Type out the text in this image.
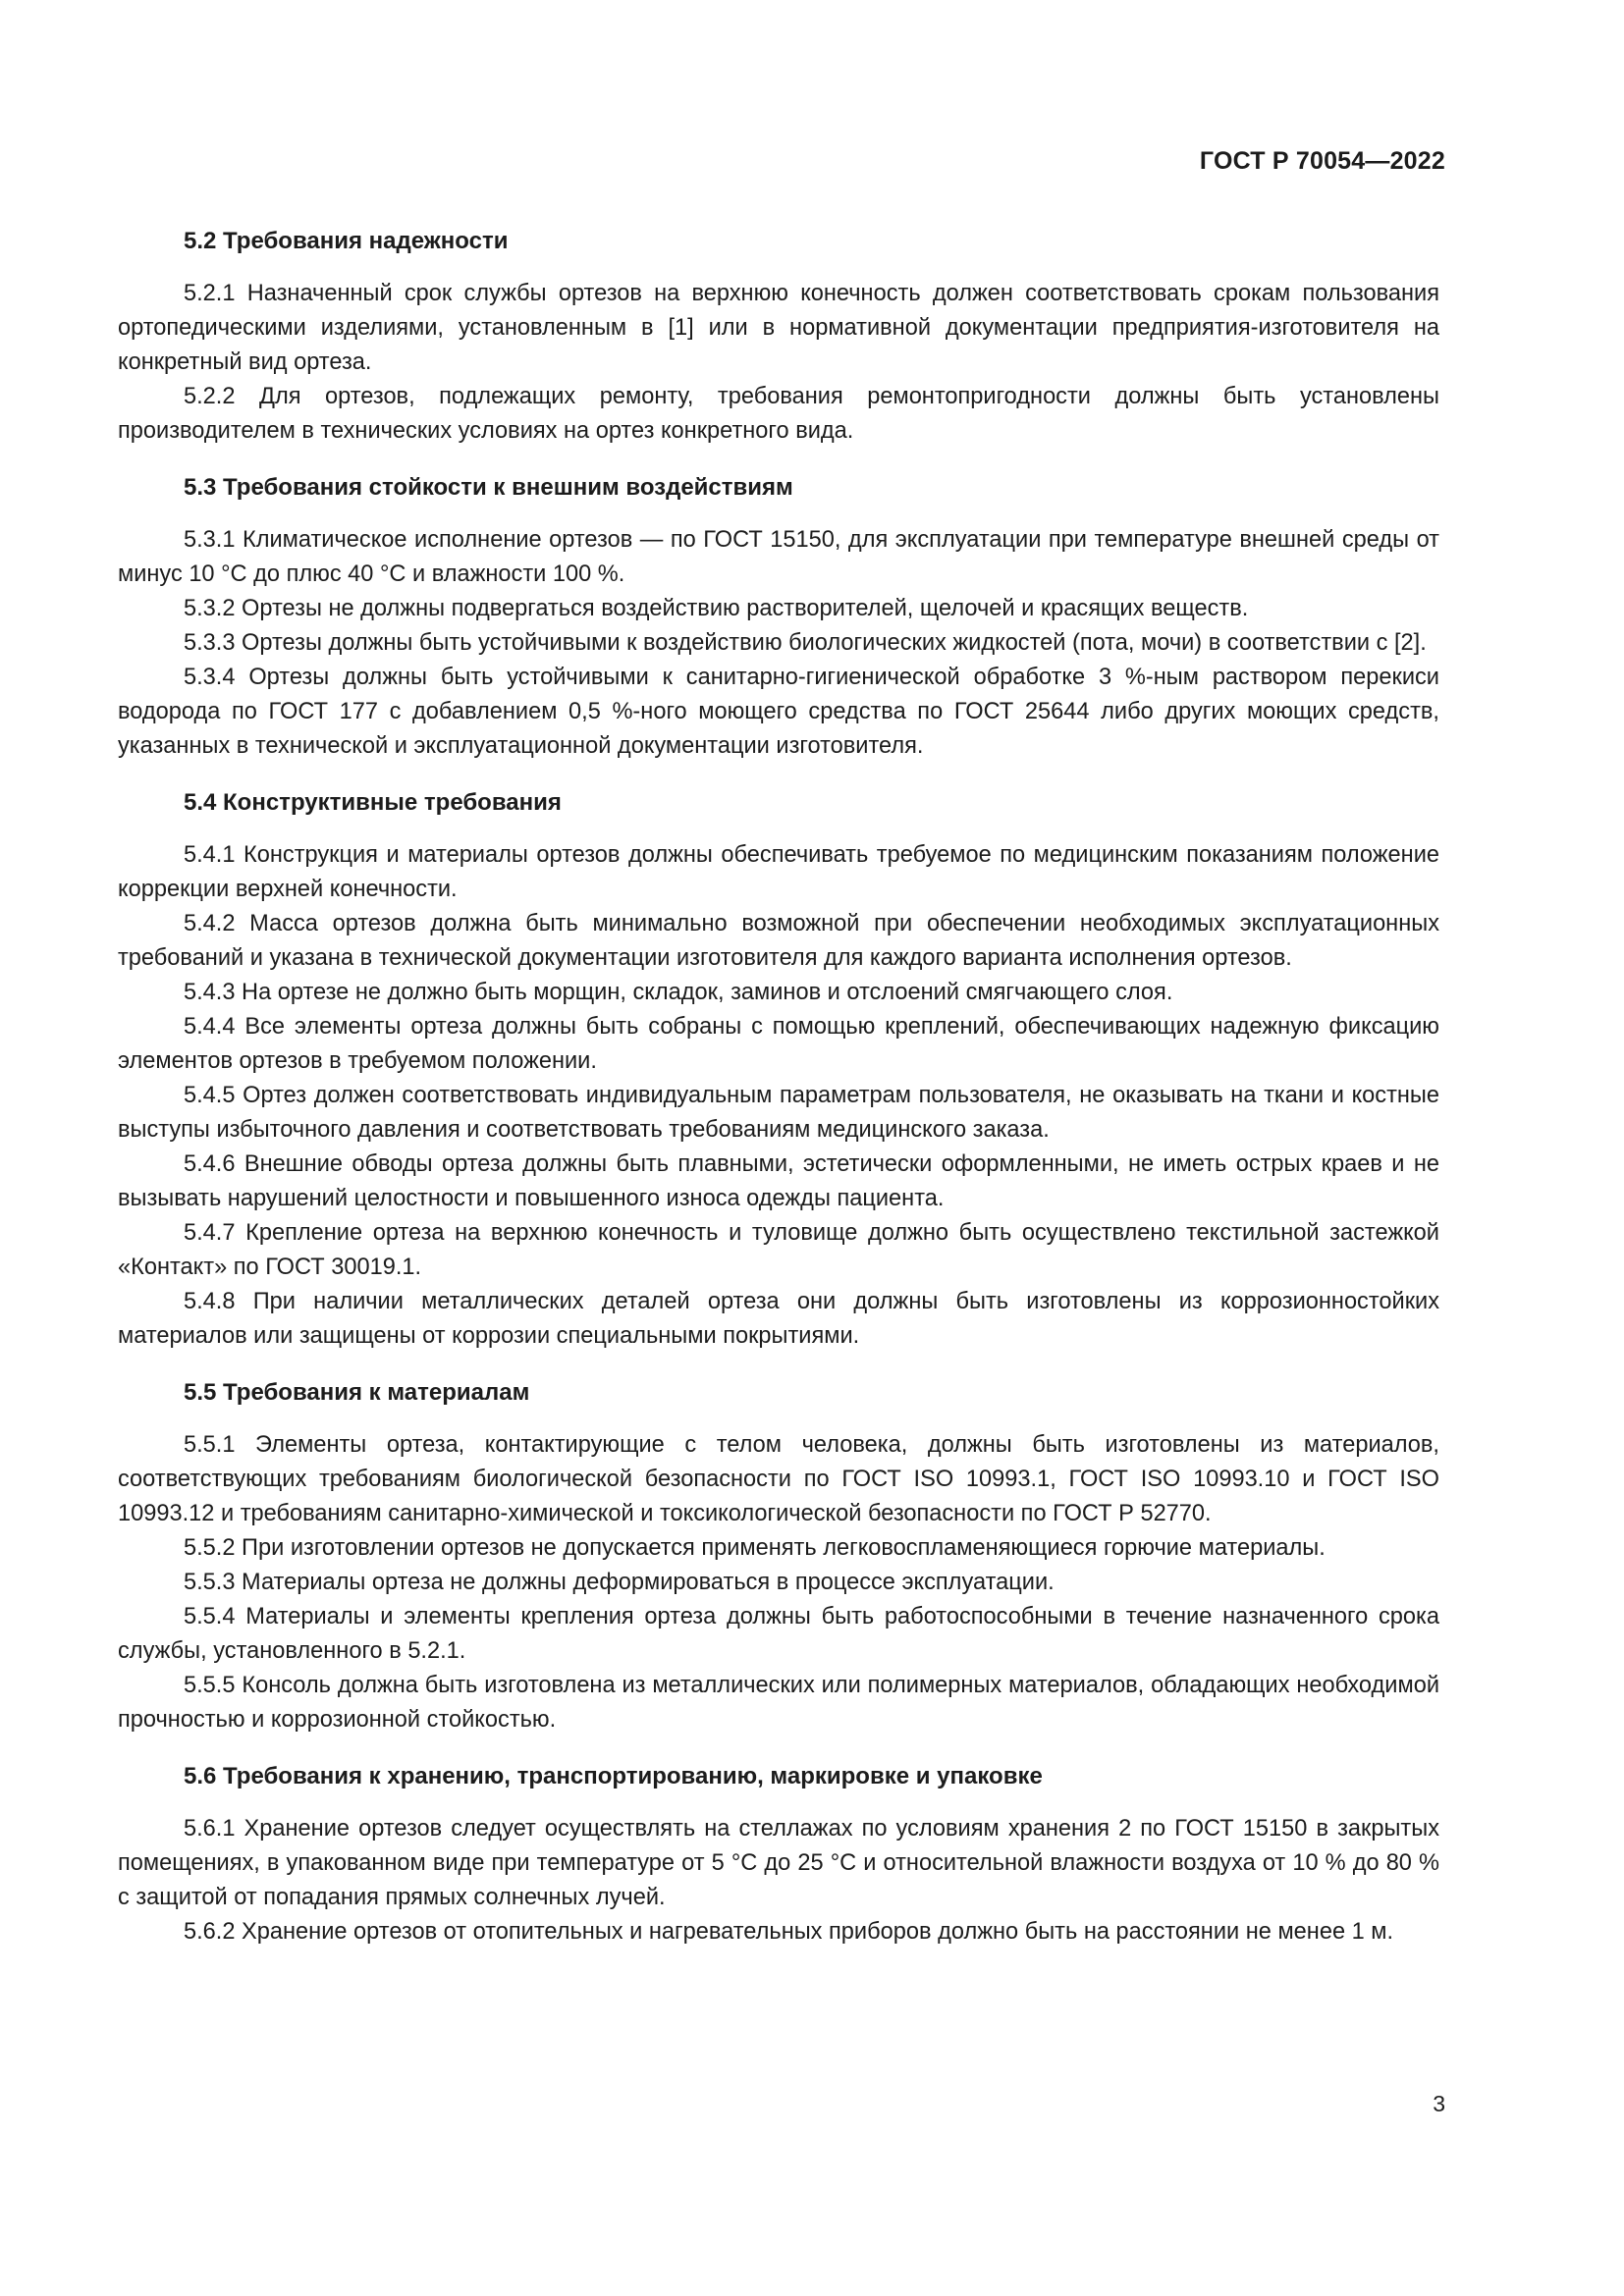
ГОСТ Р 70054—2022
5.2 Требования надежности

5.2.1 Назначенный срок службы ортезов на верхнюю конечность должен соответствовать срокам пользования ортопедическими изделиями, установленным в [1] или в нормативной документации предприятия-изготовителя на конкретный вид ортеза.

5.2.2 Для ортезов, подлежащих ремонту, требования ремонтопригодности должны быть установлены производителем в технических условиях на ортез конкретного вида.

5.3 Требования стойкости к внешним воздействиям

5.3.1 Климатическое исполнение ортезов — по ГОСТ 15150, для эксплуатации при температуре внешней среды от минус 10 °С до плюс 40 °С и влажности 100 %.

5.3.2 Ортезы не должны подвергаться воздействию растворителей, щелочей и красящих веществ.

5.3.3 Ортезы должны быть устойчивыми к воздействию биологических жидкостей (пота, мочи) в соответствии с [2].

5.3.4 Ортезы должны быть устойчивыми к санитарно-гигиенической обработке 3 %-ным раствором перекиси водорода по ГОСТ 177 с добавлением 0,5 %-ного моющего средства по ГОСТ 25644 либо других моющих средств, указанных в технической и эксплуатационной документации изготовителя.

5.4 Конструктивные требования

5.4.1 Конструкция и материалы ортезов должны обеспечивать требуемое по медицинским показаниям положение коррекции верхней конечности.

5.4.2 Масса ортезов должна быть минимально возможной при обеспечении необходимых эксплуатационных требований и указана в технической документации изготовителя для каждого варианта исполнения ортезов.

5.4.3 На ортезе не должно быть морщин, складок, заминов и отслоений смягчающего слоя.

5.4.4 Все элементы ортеза должны быть собраны с помощью креплений, обеспечивающих надежную фиксацию элементов ортезов в требуемом положении.

5.4.5 Ортез должен соответствовать индивидуальным параметрам пользователя, не оказывать на ткани и костные выступы избыточного давления и соответствовать требованиям медицинского заказа.

5.4.6 Внешние обводы ортеза должны быть плавными, эстетически оформленными, не иметь острых краев и не вызывать нарушений целостности и повышенного износа одежды пациента.

5.4.7 Крепление ортеза на верхнюю конечность и туловище должно быть осуществлено текстильной застежкой «Контакт» по ГОСТ 30019.1.

5.4.8 При наличии металлических деталей ортеза они должны быть изготовлены из коррозионностойких материалов или защищены от коррозии специальными покрытиями.

5.5 Требования к материалам

5.5.1 Элементы ортеза, контактирующие с телом человека, должны быть изготовлены из материалов, соответствующих требованиям биологической безопасности по ГОСТ ISO 10993.1, ГОСТ ISO 10993.10 и ГОСТ ISO 10993.12 и требованиям санитарно-химической и токсикологической безопасности по ГОСТ Р 52770.

5.5.2 При изготовлении ортезов не допускается применять легковоспламеняющиеся горючие материалы.

5.5.3 Материалы ортеза не должны деформироваться в процессе эксплуатации.

5.5.4 Материалы и элементы крепления ортеза должны быть работоспособными в течение назначенного срока службы, установленного в 5.2.1.

5.5.5 Консоль должна быть изготовлена из металлических или полимерных материалов, обладающих необходимой прочностью и коррозионной стойкостью.

5.6 Требования к хранению, транспортированию, маркировке и упаковке

5.6.1 Хранение ортезов следует осуществлять на стеллажах по условиям хранения 2 по ГОСТ 15150 в закрытых помещениях, в упакованном виде при температуре от 5 °С до 25 °С и относительной влажности воздуха от 10 % до 80 % с защитой от попадания прямых солнечных лучей.

5.6.2 Хранение ортезов от отопительных и нагревательных приборов должно быть на расстоянии не менее 1 м.

3
